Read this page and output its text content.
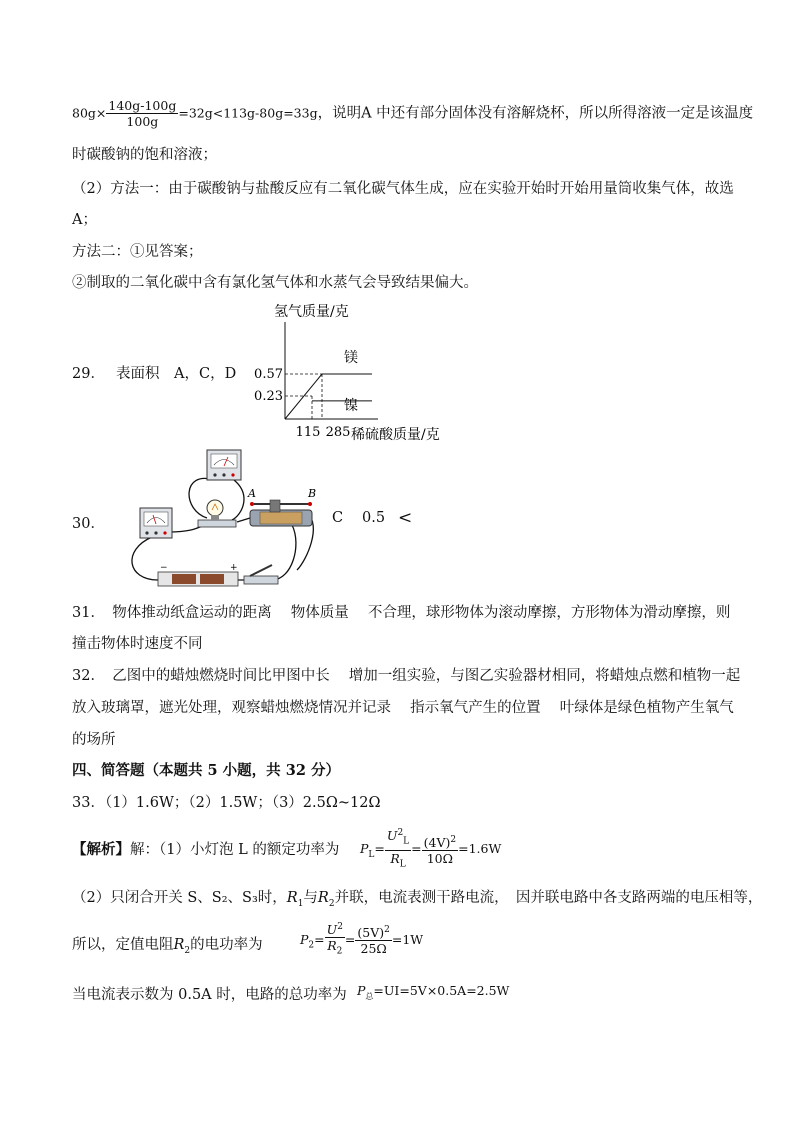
$80g\times \frac{140g-100g}{100g} =32g<113g-80g=33g$，说明A 中还有部分固体没有溶解烧杯，所以所得溶液一定是该温度
时碳酸钠的饱和溶液；
（2）方法一：由于碳酸钠与盐酸反应有二氧化碳气体生成，应在实验开始时开始用量筒收集气体，故选
A；
方法二：①见答案；
②制取的二氧化碳中含有氯化氢气体和水蒸气会导致结果偏大。
29． 表面积　A，C，D
氢气质量/克
0.57
0.23
115 285
镁
镍
稀硫酸质量/克
30．	C 0.5 <
A	B
−	+
31．　物体推动纸盒运动的距离　 物体质量　 不合理，球形物体为滚动摩擦，方形物体为滑动摩擦，则
撞击物体时速度不同
32．　乙图中的蜡烛燃烧时间比甲图中长　 增加一组实验，与图乙实验器材相同，将蜡烛点燃和植物一起
放入玻璃罩，遮光处理，观察蜡烛燃烧情况并记录　 指示氧气产生的位置　 叶绿体是绿色植物产生氧气
的场所
四、简答题（本题共 5 小题，共 32 分）
33．（1）1.6W；（2）1.5W；（3）2.5Ω~12Ω
【解析】解：（1）小灯泡 L 的额定功率为 $P_L= \frac{U^2_L}{R_L} = \frac{(4V)^2}{10\Omega} =1.6W$
（2）只闭合开关 S、S₂、S₃时，$R_1$与$R_2$并联，电流表测干路电流，　因并联电路中各支路两端的电压相等，
所以，定值电阻$R_2$的电功率为	$P_2= \frac{U^2}{R_2} = \frac{(5V)^2}{25\Omega} =1W$
当电流表示数为 0.5A 时，电路的总功率为 $P_总=UI=5V\times 0.5A=2.5W$
